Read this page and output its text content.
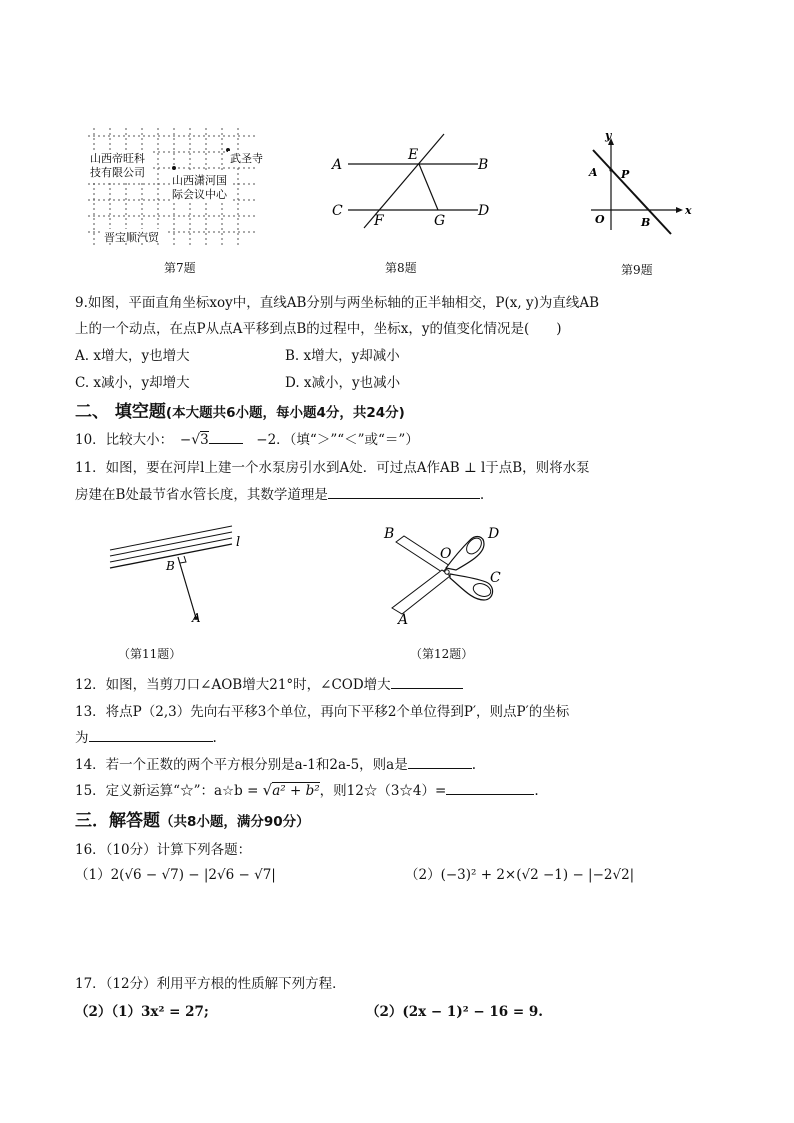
山西帝旺科
技有限公司
山西潇河国
际会议中心
武圣寺
晋宝顺汽贸
第7题
A
E
B
C
F	G
D
第8题
y
A P
O	B
x
第9题
9.如图，平面直角坐标xoy中，直线AB分别与两坐标轴的正半轴相交，P(x, y)为直线AB
上的一个动点，在点P从点A平移到点B的过程中，坐标x，y的值变化情况是(　　)
A. x增大，y也增大	B. x增大，y却减小
C. x减小，y却增大	D. x减小，y也减小
二、 填空题(本大题共6小题，每小题4分，共24分)
10．比较大小：　−√3	　−2．（填“＞”“＜”或“＝”）
11．如图，要在河岸l上建一个水泵房引水到A处．可过点A作AB ⊥ l于点B，则将水泵
房建在B处最节省水管长度，其数学道理是	.
l
B
A
（第11题）
B	D
O
C
A
（第12题）
12．如图，当剪刀口∠AOB增大21°时，∠COD增大
13．将点P（2,3）先向右平移3个单位，再向下平移2个单位得到P′，则点P′的坐标
为	.
14．若一个正数的两个平方根分别是a-1和2a-5，则a是	.
15．定义新运算“☆”：a☆b = √a² + b²，则12☆（3☆4）=	.
三．解答题（共8小题，满分90分）
16．（10分）计算下列各题：
（1）2(√6 − √7) − |2√6 − √7|	（2）(−3)² + 2×(√2 −1) − |−2√2|
17．（12分）利用平方根的性质解下列方程．
（2）（1）3x² = 27;	（2）(2x − 1)² − 16 = 9.
